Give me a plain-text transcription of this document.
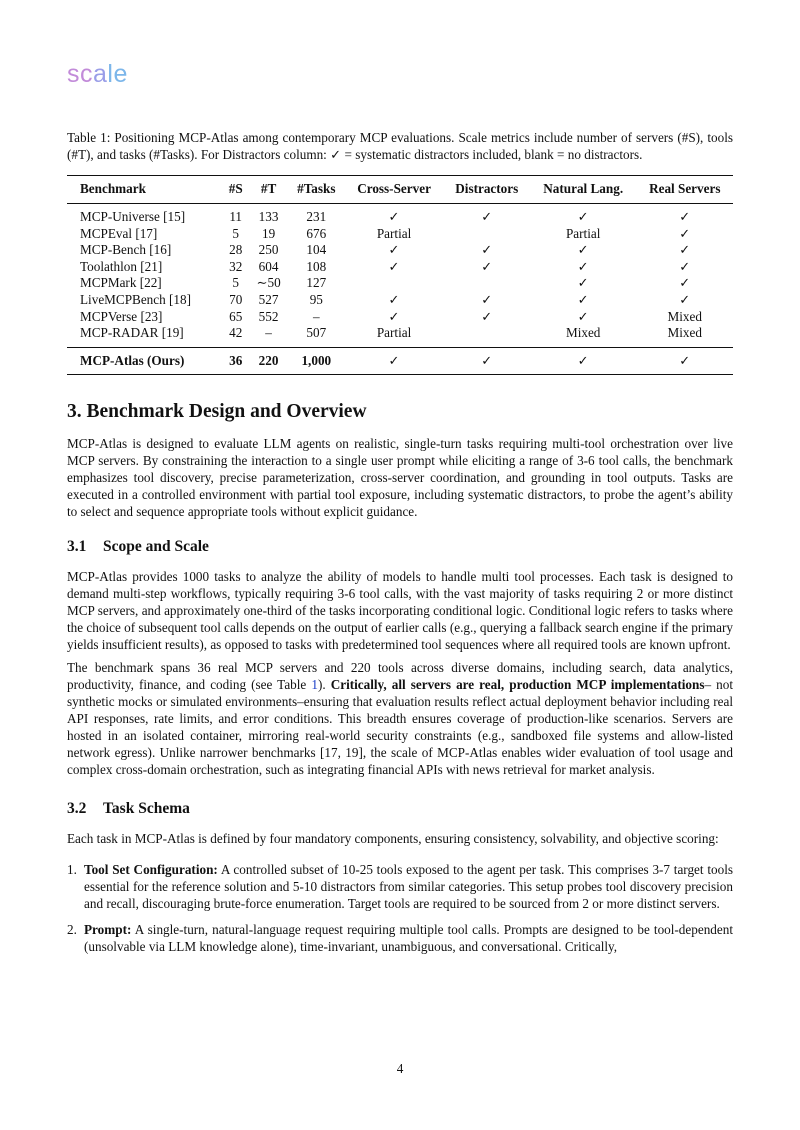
scale

Table 1: Positioning MCP-Atlas among contemporary MCP evaluations. Scale metrics include number of servers (#S), tools (#T), and tasks (#Tasks). For Distractors column: ✓ = systematic distractors included, blank = no distractors.

Benchmark	#S	#T	#Tasks	Cross-Server	Distractors	Natural Lang.	Real Servers
MCP-Universe [15]	11	133	231	✓	✓	✓	✓
MCPEval [17]	5	19	676	Partial		Partial	✓
MCP-Bench [16]	28	250	104	✓	✓	✓	✓
Toolathlon [21]	32	604	108	✓	✓	✓	✓
MCPMark [22]	5	∼50	127			✓	✓
LiveMCPBench [18]	70	527	95	✓	✓	✓	✓
MCPVerse [23]	65	552	–	✓	✓	✓	Mixed
MCP-RADAR [19]	42	–	507	Partial		Mixed	Mixed
MCP-Atlas (Ours)	36	220	1,000	✓	✓	✓	✓
3. Benchmark Design and Overview

MCP-Atlas is designed to evaluate LLM agents on realistic, single-turn tasks requiring multi-tool orchestration over live MCP servers. By constraining the interaction to a single user prompt while eliciting a range of 3-6 tool calls, the benchmark emphasizes tool discovery, precise parameterization, cross-server coordination, and grounding in tool outputs. Tasks are executed in a controlled environment with partial tool exposure, including systematic distractors, to probe the agent’s ability to select and sequence appropriate tools without explicit guidance.

3.1 Scope and Scale

MCP-Atlas provides 1000 tasks to analyze the ability of models to handle multi tool processes. Each task is designed to demand multi-step workflows, typically requiring 3-6 tool calls, with the vast majority of tasks requiring 2 or more distinct MCP servers, and approximately one-third of the tasks incorporating conditional logic. Conditional logic refers to tasks where the choice of subsequent tool calls depends on the output of earlier calls (e.g., querying a fallback search engine if the primary yields insufficient results), as opposed to tasks with predetermined tool sequences where all required tools are known upfront.

The benchmark spans 36 real MCP servers and 220 tools across diverse domains, including search, data analytics, productivity, finance, and coding (see Table 1). Critically, all servers are real, production MCP implementations– not synthetic mocks or simulated environments–ensuring that evaluation results reflect actual deployment behavior including real API responses, rate limits, and error conditions. This breadth ensures coverage of production-like scenarios. Servers are hosted in an isolated container, mirroring real-world security constraints (e.g., sandboxed file systems and allow-listed network egress). Unlike narrower benchmarks [17, 19], the scale of MCP-Atlas enables wider evaluation of tool usage and complex cross-domain orchestration, such as integrating financial APIs with news retrieval for market analysis.

3.2 Task Schema

Each task in MCP-Atlas is defined by four mandatory components, ensuring consistency, solvability, and objective scoring:

1. Tool Set Configuration: A controlled subset of 10-25 tools exposed to the agent per task. This comprises 3-7 target tools essential for the reference solution and 5-10 distractors from similar categories. This setup probes tool discovery precision and recall, discouraging brute-force enumeration. Target tools are required to be sourced from 2 or more distinct servers.
2. Prompt: A single-turn, natural-language request requiring multiple tool calls. Prompts are designed to be tool-dependent (unsolvable via LLM knowledge alone), time-invariant, unambiguous, and conversational. Critically,
4
